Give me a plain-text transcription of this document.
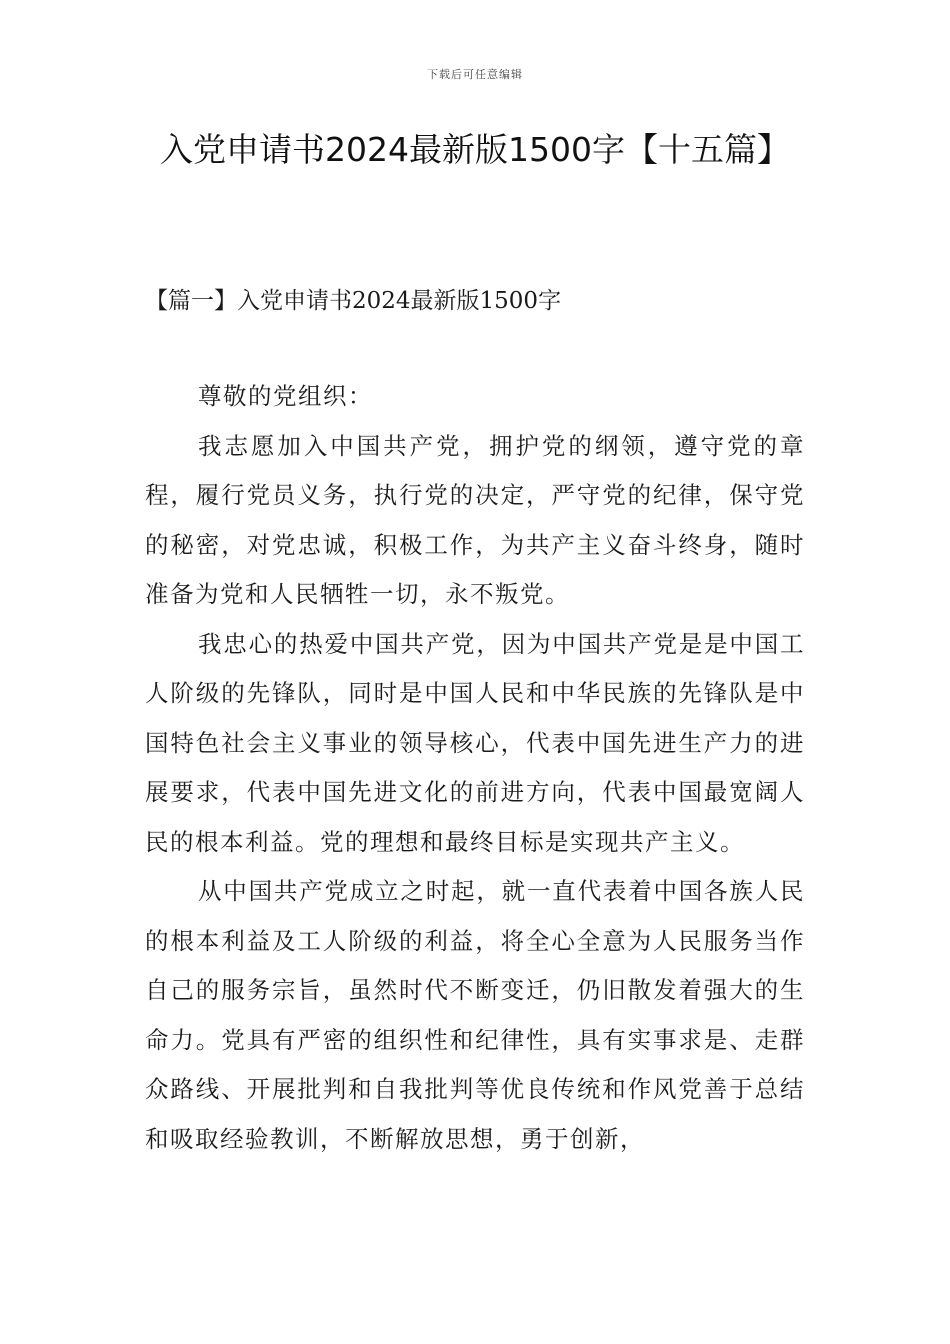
下载后可任意编辑
入党申请书2024最新版1500字【十五篇】
【篇一】入党申请书2024最新版1500字

尊敬的党组织：

我志愿加入中国共产党，拥护党的纲领，遵守党的章程，履行党员义务，执行党的决定，严守党的纪律，保守党的秘密，对党忠诚，积极工作，为共产主义奋斗终身，随时准备为党和人民牺牲一切，永不叛党。

我忠心的热爱中国共产党，因为中国共产党是是中国工人阶级的先锋队，同时是中国人民和中华民族的先锋队是中国特色社会主义事业的领导核心，代表中国先进生产力的进展要求，代表中国先进文化的前进方向，代表中国最宽阔人民的根本利益。党的理想和最终目标是实现共产主义。

从中国共产党成立之时起，就一直代表着中国各族人民的根本利益及工人阶级的利益，将全心全意为人民服务当作自己的服务宗旨，虽然时代不断变迁，仍旧散发着强大的生命力。党具有严密的组织性和纪律性，具有实事求是、走群众路线、开展批判和自我批判等优良传统和作风党善于总结和吸取经验教训，不断解放思想，勇于创新，
